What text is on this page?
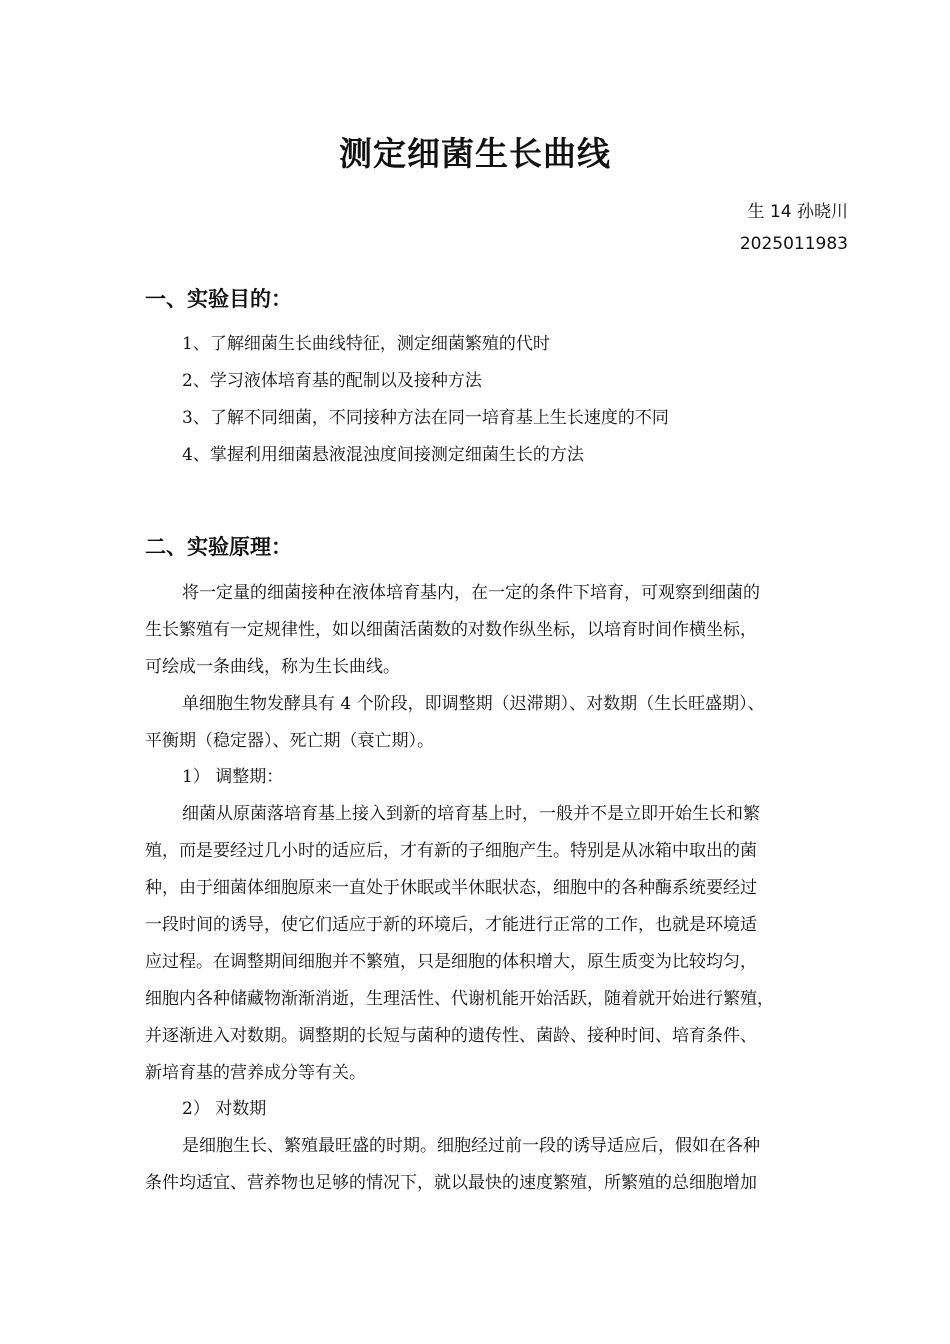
测定细菌生长曲线
生 14 孙晓川
2025011983
一、实验目的：
1、了解细菌生长曲线特征，测定细菌繁殖的代时
2、学习液体培育基的配制以及接种方法
3、了解不同细菌，不同接种方法在同一培育基上生长速度的不同
4、掌握利用细菌悬液混浊度间接测定细菌生长的方法
二、实验原理：
将一定量的细菌接种在液体培育基内，在一定的条件下培育，可观察到细菌的
生长繁殖有一定规律性，如以细菌活菌数的对数作纵坐标，以培育时间作横坐标，
可绘成一条曲线，称为生长曲线。
单细胞生物发酵具有 4 个阶段，即调整期（迟滞期）、对数期（生长旺盛期）、
平衡期（稳定器）、死亡期（衰亡期）。
1） 调整期：
细菌从原菌落培育基上接入到新的培育基上时，一般并不是立即开始生长和繁
殖，而是要经过几小时的适应后，才有新的子细胞产生。特别是从冰箱中取出的菌
种，由于细菌体细胞原来一直处于休眠或半休眠状态，细胞中的各种酶系统要经过
一段时间的诱导，使它们适应于新的环境后，才能进行正常的工作，也就是环境适
应过程。在调整期间细胞并不繁殖，只是细胞的体积增大，原生质变为比较均匀，
细胞内各种储藏物渐渐消逝，生理活性、代谢机能开始活跃，随着就开始进行繁殖，
并逐渐进入对数期。调整期的长短与菌种的遗传性、菌龄、接种时间、培育条件、
新培育基的营养成分等有关。
2） 对数期
是细胞生长、繁殖最旺盛的时期。细胞经过前一段的诱导适应后，假如在各种
条件均适宜、营养物也足够的情况下，就以最快的速度繁殖，所繁殖的总细胞增加
